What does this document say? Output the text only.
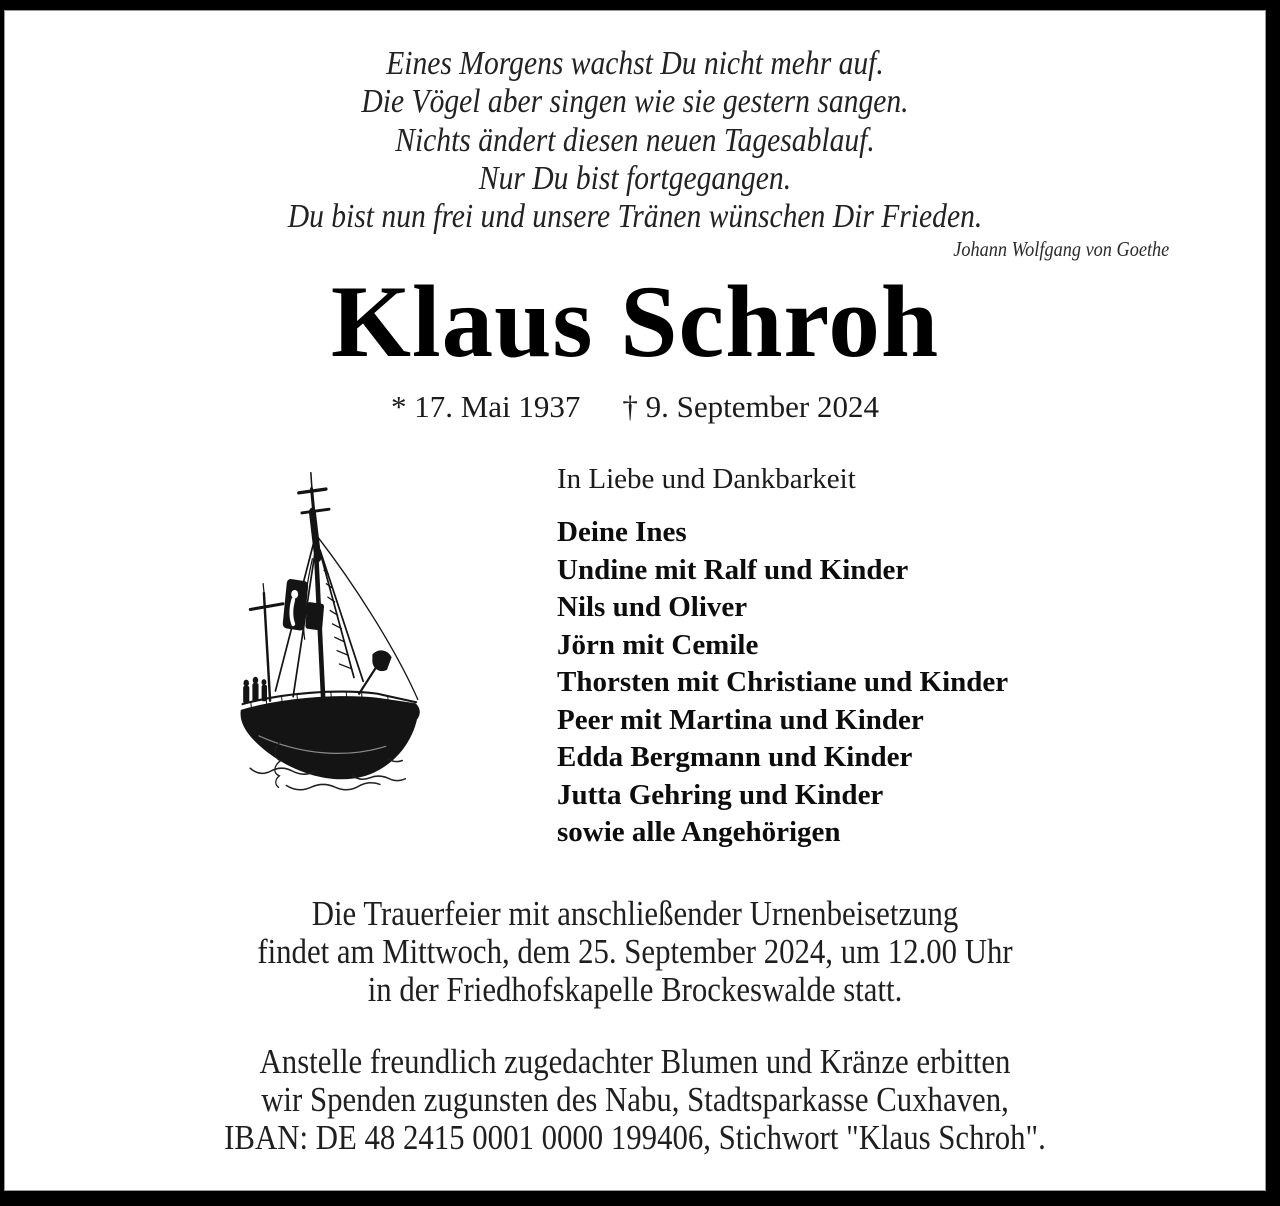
Eines Morgens wachst Du nicht mehr auf.
Die Vögel aber singen wie sie gestern sangen.
Nichts ändert diesen neuen Tagesablauf.
Nur Du bist fortgegangen.
Du bist nun frei und unsere Tränen wünschen Dir Frieden.
Johann Wolfgang von Goethe
Klaus Schroh
* 17. Mai 1937 † 9. September 2024
In Liebe und Dankbarkeit
Deine Ines
Undine mit Ralf und Kinder
Nils und Oliver
Jörn mit Cemile
Thorsten mit Christiane und Kinder
Peer mit Martina und Kinder
Edda Bergmann und Kinder
Jutta Gehring und Kinder
sowie alle Angehörigen
Die Trauerfeier mit anschließender Urnenbeisetzung
findet am Mittwoch, dem 25. September 2024, um 12.00 Uhr
in der Friedhofskapelle Brockeswalde statt.
Anstelle freundlich zugedachter Blumen und Kränze erbitten
wir Spenden zugunsten des Nabu, Stadtsparkasse Cuxhaven,
IBAN: DE 48 2415 0001 0000 199406, Stichwort "Klaus Schroh".
